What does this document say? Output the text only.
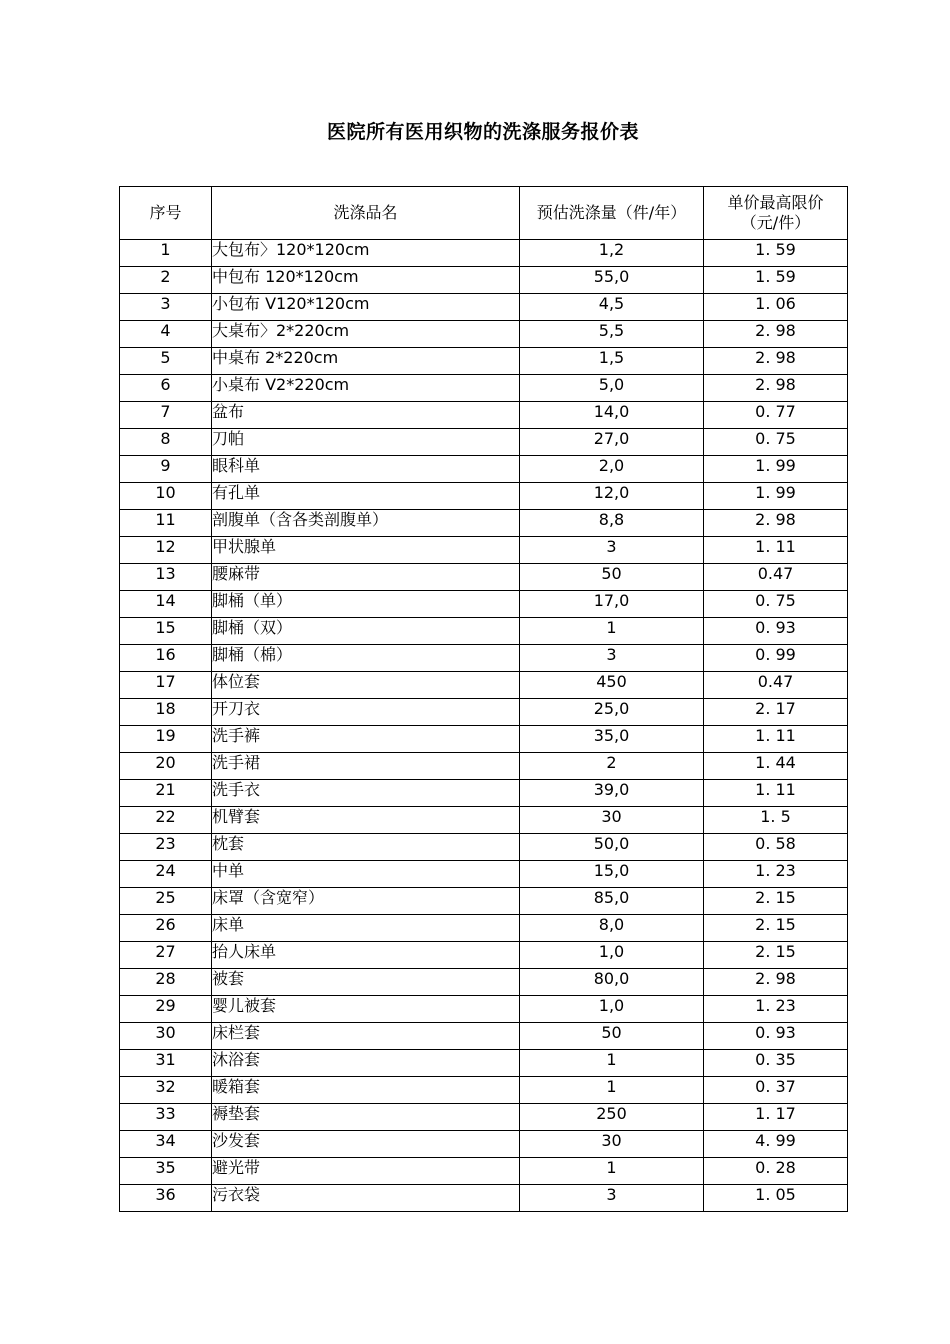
医院所有医用织物的洗涤服务报价表
序号	洗涤品名	预估洗涤量（件/年）	单价最高限价
（元/件）
1	大包布〉120*120cm	1,2	1. 59
2	中包布 120*120cm	55,0	1. 59
3	小包布 V120*120cm	4,5	1. 06
4	大桌布〉2*220cm	5,5	2. 98
5	中桌布 2*220cm	1,5	2. 98
6	小桌布 V2*220cm	5,0	2. 98
7	盆布	14,0	0. 77
8	刀帕	27,0	0. 75
9	眼科单	2,0	1. 99
10	有孔单	12,0	1. 99
11	剖腹单（含各类剖腹单）	8,8	2. 98
12	甲状腺单	3	1. 11
13	腰麻带	50	0.47
14	脚桶（单）	17,0	0. 75
15	脚桶（双）	1	0. 93
16	脚桶（棉）	3	0. 99
17	体位套	450	0.47
18	开刀衣	25,0	2. 17
19	洗手裤	35,0	1. 11
20	洗手裙	2	1. 44
21	洗手衣	39,0	1. 11
22	机臂套	30	1. 5
23	枕套	50,0	0. 58
24	中单	15,0	1. 23
25	床罩（含宽窄）	85,0	2. 15
26	床单	8,0	2. 15
27	抬人床单	1,0	2. 15
28	被套	80,0	2. 98
29	婴儿被套	1,0	1. 23
30	床栏套	50	0. 93
31	沐浴套	1	0. 35
32	暖箱套	1	0. 37
33	褥垫套	250	1. 17
34	沙发套	30	4. 99
35	避光带	1	0. 28
36	污衣袋	3	1. 05
